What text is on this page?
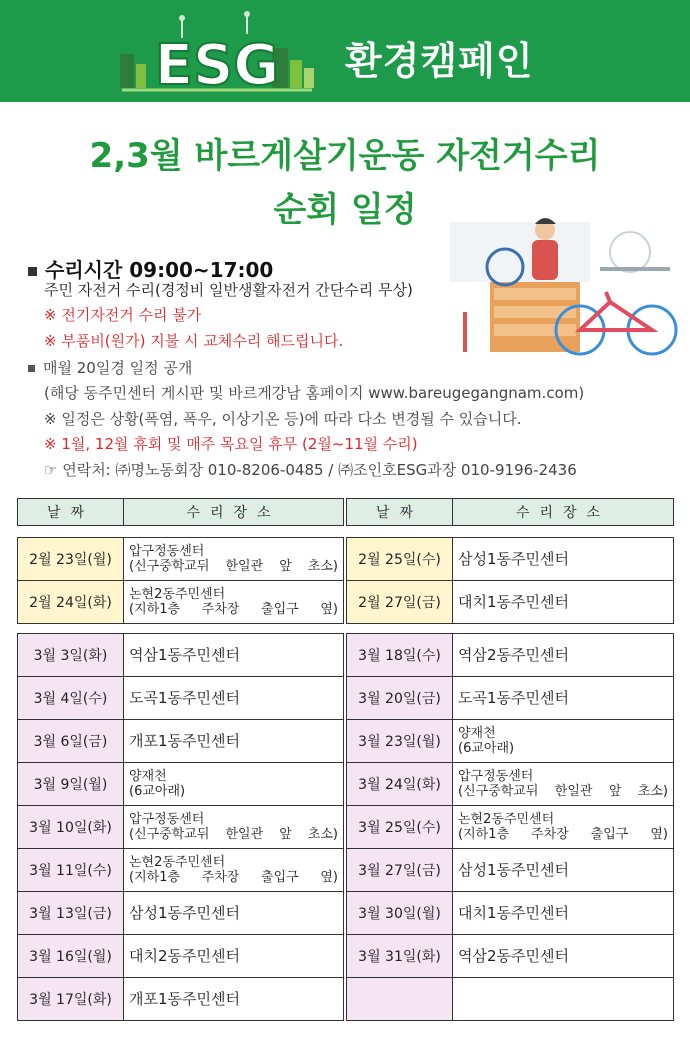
ESG 환경캠페인
2,3월 바르게살기운동 자전거수리
순회 일정
수리시간 09:00~17:00
주민 자전거 수리(경정비 일반생활자전거 간단수리 무상)
※ 전기자전거 수리 불가
※ 부품비(원가) 지불 시 교체수리 해드립니다.
매월 20일경 일정 공개
(해당 동주민센터 게시판 및 바르게강남 홈페이지 www.bareugegangnam.com)
※ 일정은 상황(폭염, 폭우, 이상기온 등)에 따라 다소 변경될 수 있습니다.
※ 1월, 12월 휴회 및 매주 목요일 휴무 (2월~11월 수리)
☞ 연락처: ㈜명노동회장 010-8206-0485 / ㈜조인호ESG과장 010-9196-2436
날짜	수리장소	날짜	수리장소
2월 23일(월)	압구정동센터
(신구중학교뒤 한일관 앞 초소)

2월 24일(화)	논현2동주민센터
(지하1층 주차장 출입구 옆)
2월 25일(수)	삼성1동주민센터

2월 27일(금)	대치1동주민센터
3월 3일(화)	역삼1동주민센터

3월 4일(수)	도곡1동주민센터

3월 6일(금)	개포1동주민센터

3월 9일(월)	양재천
(6교아래)

3월 10일(화)	압구정동센터
(신구중학교뒤 한일관 앞 초소)

3월 11일(수)	논현2동주민센터
(지하1층 주차장 출입구 옆)

3월 13일(금)	삼성1동주민센터

3월 16일(월)	대치2동주민센터

3월 17일(화)	개포1동주민센터
3월 18일(수)	역삼2동주민센터

3월 20일(금)	도곡1동주민센터

3월 23일(월)	양재천
(6교아래)

3월 24일(화)	압구정동센터
(신구중학교뒤 한일관 앞 초소)

3월 25일(수)	논현2동주민센터
(지하1층 주차장 출입구 옆)

3월 27일(금)	삼성1동주민센터

3월 30일(월)	대치1동주민센터

3월 31일(화)	역삼2동주민센터
